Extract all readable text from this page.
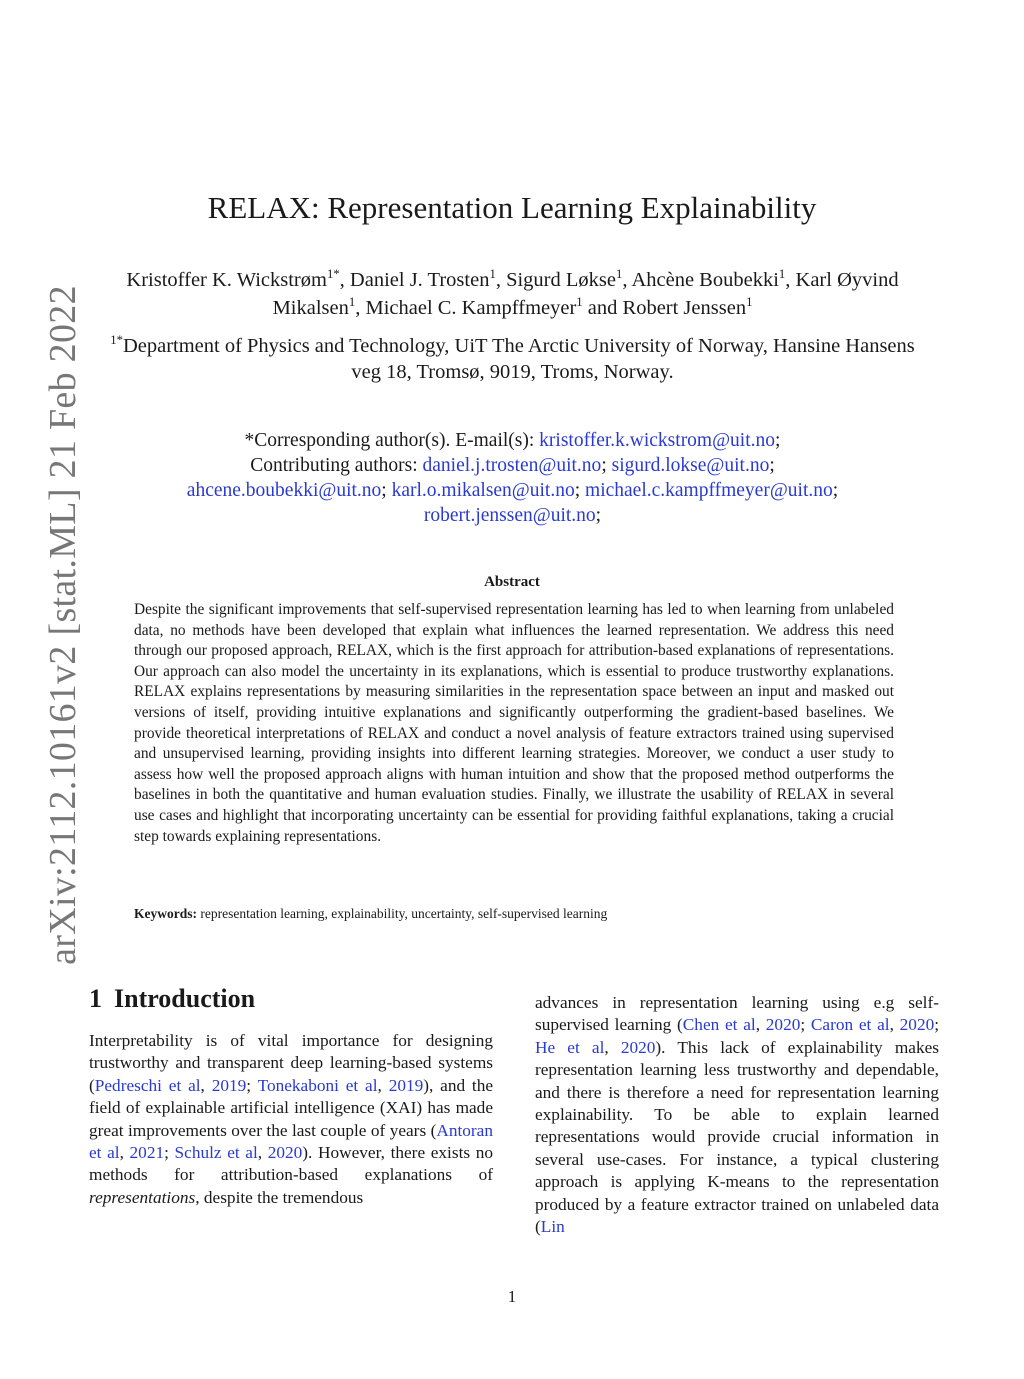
arXiv:2112.10161v2 [stat.ML] 21 Feb 2022
RELAX: Representation Learning Explainability
Kristoffer K. Wickstrøm$^{1*}$, Daniel J. Trosten$^1$, Sigurd Løkse$^1$, Ahcène Boubekki$^1$, Karl Øyvind Mikalsen$^1$, Michael C. Kampffmeyer$^1$ and Robert Jenssen$^1$
$^{1*}$Department of Physics and Technology, UiT The Arctic University of Norway, Hansine Hansens veg 18, Tromsø, 9019, Troms, Norway.
*Corresponding author(s). E-mail(s): kristoffer.k.wickstrom@uit.no;
Contributing authors: daniel.j.trosten@uit.no; sigurd.lokse@uit.no;
ahcene.boubekki@uit.no; karl.o.mikalsen@uit.no; michael.c.kampffmeyer@uit.no;
robert.jenssen@uit.no;
Abstract

Despite the significant improvements that self-supervised representation learning has led to when learning from unlabeled data, no methods have been developed that explain what influences the learned representation. We address this need through our proposed approach, RELAX, which is the first approach for attribution-based explanations of representations. Our approach can also model the uncertainty in its explanations, which is essential to produce trustworthy explanations. RELAX explains representations by measuring similarities in the representation space between an input and masked out versions of itself, providing intuitive explanations and significantly outperforming the gradient-based baselines. We provide theoretical interpretations of RELAX and conduct a novel analysis of feature extractors trained using supervised and unsupervised learning, providing insights into different learning strategies. Moreover, we conduct a user study to assess how well the proposed approach aligns with human intuition and show that the proposed method outperforms the baselines in both the quantitative and human evaluation studies. Finally, we illustrate the usability of RELAX in several use cases and highlight that incorporating uncertainty can be essential for providing faithful explanations, taking a crucial step towards explaining representations.

Keywords: representation learning, explainability, uncertainty, self-supervised learning
1 Introduction

Interpretability is of vital importance for designing trustworthy and transparent deep learning-based systems (Pedreschi et al, 2019; Tonekaboni et al, 2019), and the field of explainable artificial intelligence (XAI) has made great improvements over the last couple of years (Antoran et al, 2021; Schulz et al, 2020). However, there exists no methods for attribution-based explanations of representations, despite the tremendous

advances in representation learning using e.g self-supervised learning (Chen et al, 2020; Caron et al, 2020; He et al, 2020). This lack of explainability makes representation learning less trustworthy and dependable, and there is therefore a need for representation learning explainability. To be able to explain learned representations would provide crucial information in several use-cases. For instance, a typical clustering approach is applying K-means to the representation produced by a feature extractor trained on unlabeled data (Lin

1
